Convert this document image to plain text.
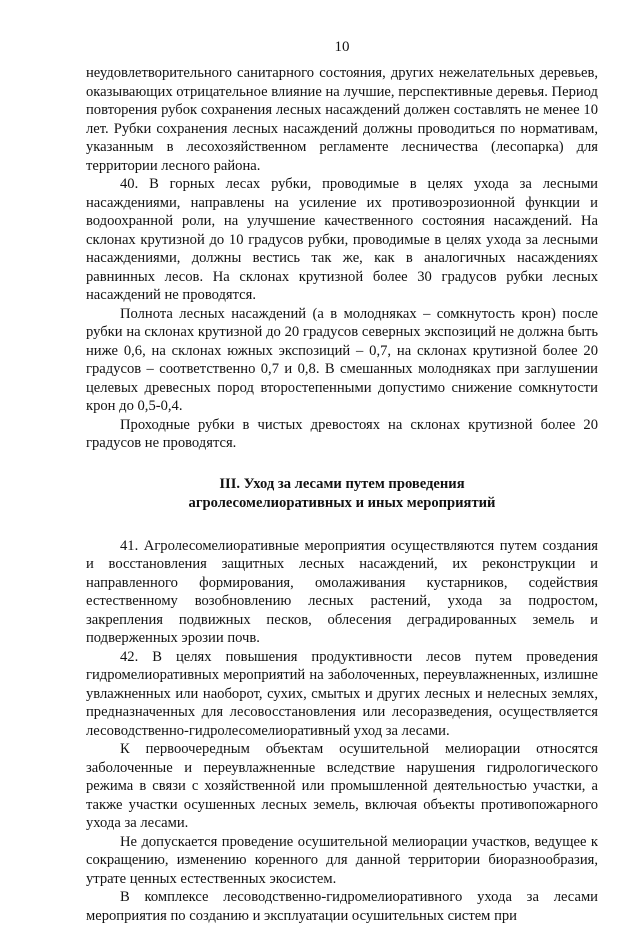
10

неудовлетворительного санитарного состояния, других нежелательных деревьев, оказывающих отрицательное влияние на лучшие, перспективные деревья. Период повторения рубок сохранения лесных насаждений должен составлять не менее 10 лет. Рубки сохранения лесных насаждений должны проводиться по нормативам, указанным в лесохозяйственном регламенте лесничества (лесопарка) для территории лесного района.

40. В горных лесах рубки, проводимые в целях ухода за лесными насаждениями, направлены на усиление их противоэрозионной функции и водоохранной роли, на улучшение качественного состояния насаждений. На склонах крутизной до 10 градусов рубки, проводимые в целях ухода за лесными насаждениями, должны вестись так же, как в аналогичных насаждениях равнинных лесов. На склонах крутизной более 30 градусов рубки лесных насаждений не проводятся.

Полнота лесных насаждений (а в молодняках – сомкнутость крон) после рубки на склонах крутизной до 20 градусов северных экспозиций не должна быть ниже 0,6, на склонах южных экспозиций – 0,7, на склонах крутизной более 20 градусов – соответственно 0,7 и 0,8. В смешанных молодняках при заглушении целевых древесных пород второстепенными допустимо снижение сомкнутости крон до 0,5-0,4.

Проходные рубки в чистых древостоях на склонах крутизной более 20 градусов не проводятся.

III. Уход за лесами путем проведения
агролесомелиоративных и иных мероприятий

41. Агролесомелиоративные мероприятия осуществляются путем создания и восстановления защитных лесных насаждений, их реконструкции и направленного формирования, омолаживания кустарников, содействия естественному возобновлению лесных растений, ухода за подростом, закрепления подвижных песков, облесения деградированных земель и подверженных эрозии почв.

42. В целях повышения продуктивности лесов путем проведения гидромелиоративных мероприятий на заболоченных, переувлажненных, излишне увлажненных или наоборот, сухих, смытых и других лесных и нелесных землях, предназначенных для лесовосстановления или лесоразведения, осуществляется лесоводственно-гидролесомелиоративный уход за лесами.

К первоочередным объектам осушительной мелиорации относятся заболоченные и переувлажненные вследствие нарушения гидрологического режима в связи с хозяйственной или промышленной деятельностью участки, а также участки осушенных лесных земель, включая объекты противопожарного ухода за лесами.

Не допускается проведение осушительной мелиорации участков, ведущее к сокращению, изменению коренного для данной территории биоразнообразия, утрате ценных естественных экосистем.

В комплексе лесоводственно-гидромелиоративного ухода за лесами мероприятия по созданию и эксплуатации осушительных систем при
